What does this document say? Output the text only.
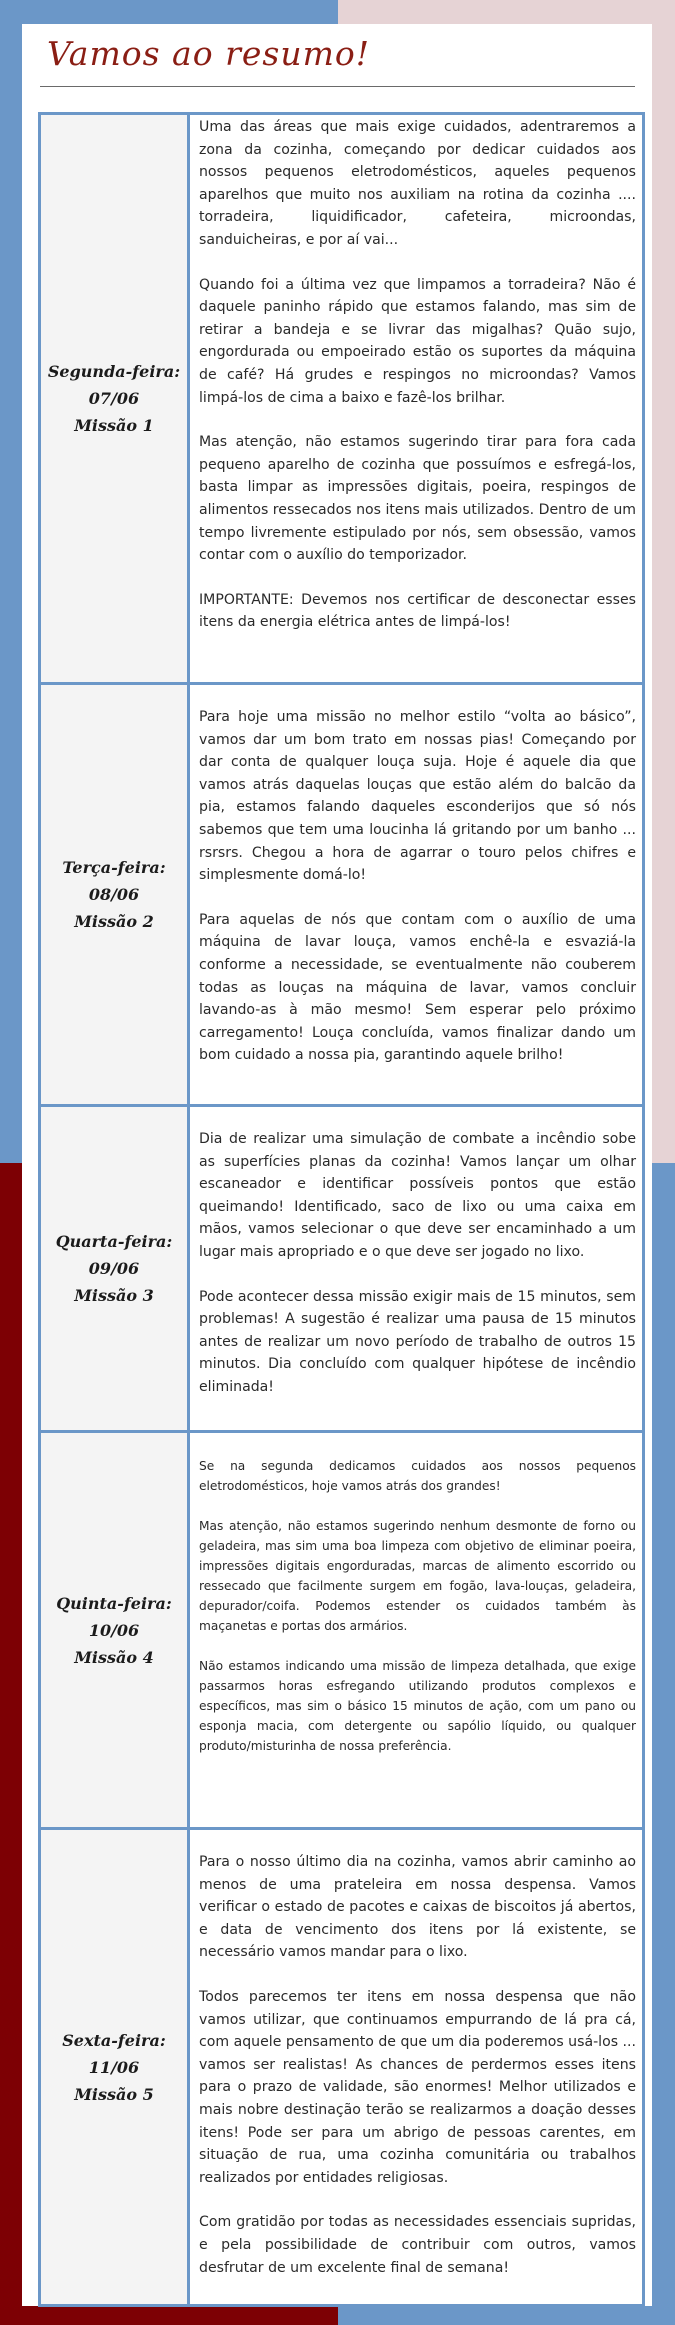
Vamos ao resumo!
Segunda-feira:
07/06
Missão 1

Uma das áreas que mais exige cuidados, adentraremos a zona da cozinha, começando por dedicar cuidados aos nossos pequenos eletrodomésticos, aqueles pequenos aparelhos que muito nos auxiliam na rotina da cozinha .... torradeira, liquidificador, cafeteira, microondas, sanduicheiras, e por aí vai...

Quando foi a última vez que limpamos a torradeira? Não é daquele paninho rápido que estamos falando, mas sim de retirar a bandeja e se livrar das migalhas? Quão sujo, engordurada ou empoeirado estão os suportes da máquina de café? Há grudes e respingos no microondas? Vamos limpá-los de cima a baixo e fazê-los brilhar.

Mas atenção, não estamos sugerindo tirar para fora cada pequeno aparelho de cozinha que possuímos e esfregá-los, basta limpar as impressões digitais, poeira, respingos de alimentos ressecados nos itens mais utilizados. Dentro de um tempo livremente estipulado por nós, sem obsessão, vamos contar com o auxílio do temporizador.

IMPORTANTE: Devemos nos certificar de desconectar esses itens da energia elétrica antes de limpá-los!

Terça-feira:
08/06
Missão 2

Para hoje uma missão no melhor estilo “volta ao básico”, vamos dar um bom trato em nossas pias! Começando por dar conta de qualquer louça suja. Hoje é aquele dia que vamos atrás daquelas louças que estão além do balcão da pia, estamos falando daqueles esconderijos que só nós sabemos que tem uma loucinha lá gritando por um banho ... rsrsrs. Chegou a hora de agarrar o touro pelos chifres e simplesmente domá-lo!

Para aquelas de nós que contam com o auxílio de uma máquina de lavar louça, vamos enchê-la e esvaziá-la conforme a necessidade, se eventualmente não couberem todas as louças na máquina de lavar, vamos concluir lavando-as à mão mesmo! Sem esperar pelo próximo carregamento! Louça concluída, vamos finalizar dando um bom cuidado a nossa pia, garantindo aquele brilho!

Quarta-feira:
09/06
Missão 3

Dia de realizar uma simulação de combate a incêndio sobe as superfícies planas da cozinha! Vamos lançar um olhar escaneador e identificar possíveis pontos que estão queimando! Identificado, saco de lixo ou uma caixa em mãos, vamos selecionar o que deve ser encaminhado a um lugar mais apropriado e o que deve ser jogado no lixo.

Pode acontecer dessa missão exigir mais de 15 minutos, sem problemas! A sugestão é realizar uma pausa de 15 minutos antes de realizar um novo período de trabalho de outros 15 minutos. Dia concluído com qualquer hipótese de incêndio eliminada!

Quinta-feira:
10/06
Missão 4

Se na segunda dedicamos cuidados aos nossos pequenos eletrodomésticos, hoje vamos atrás dos grandes!

Mas atenção, não estamos sugerindo nenhum desmonte de forno ou geladeira, mas sim uma boa limpeza com objetivo de eliminar poeira, impressões digitais engorduradas, marcas de alimento escorrido ou ressecado que facilmente surgem em fogão, lava-louças, geladeira, depurador/coifa. Podemos estender os cuidados também às maçanetas e portas dos armários.

Não estamos indicando uma missão de limpeza detalhada, que exige passarmos horas esfregando utilizando produtos complexos e específicos, mas sim o básico 15 minutos de ação, com um pano ou esponja macia, com detergente ou sapólio líquido, ou qualquer produto/misturinha de nossa preferência.

Sexta-feira:
11/06
Missão 5

Para o nosso último dia na cozinha, vamos abrir caminho ao menos de uma prateleira em nossa despensa. Vamos verificar o estado de pacotes e caixas de biscoitos já abertos, e data de vencimento dos itens por lá existente, se necessário vamos mandar para o lixo.

Todos parecemos ter itens em nossa despensa que não vamos utilizar, que continuamos empurrando de lá pra cá, com aquele pensamento de que um dia poderemos usá-los ... vamos ser realistas! As chances de perdermos esses itens para o prazo de validade, são enormes! Melhor utilizados e mais nobre destinação terão se realizarmos a doação desses itens! Pode ser para um abrigo de pessoas carentes, em situação de rua, uma cozinha comunitária ou trabalhos realizados por entidades religiosas.

Com gratidão por todas as necessidades essenciais supridas, e pela possibilidade de contribuir com outros, vamos desfrutar de um excelente final de semana!
